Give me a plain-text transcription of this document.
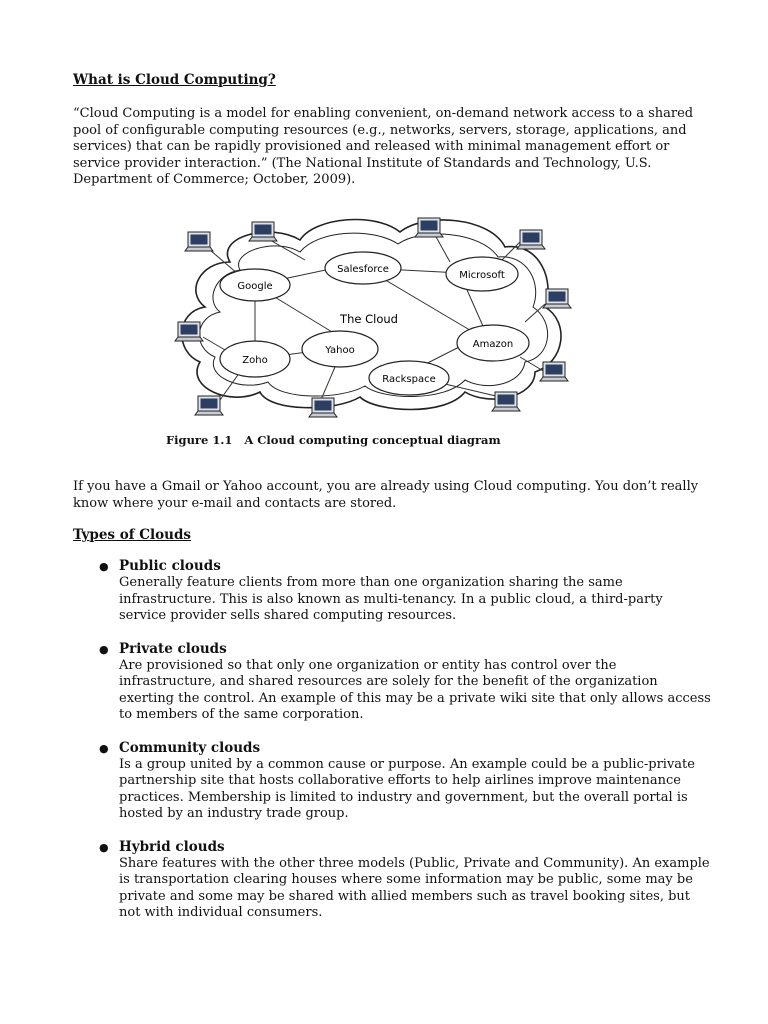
What is Cloud Computing?

“Cloud Computing is a model for enabling convenient, on-demand network access to a shared pool of configurable computing resources (e.g., networks, servers, storage, applications, and services) that can be rapidly provisioned and released with minimal management effort or service provider interaction.” (The National Institute of Standards and Technology, U.S. Department of Commerce; October, 2009).

Google
Salesforce
Microsoft
Zoho
Yahoo
Amazon
Rackspace
The Cloud

Figure 1.1   A Cloud computing conceptual diagram

If you have a Gmail or Yahoo account, you are already using Cloud computing. You don’t really know where your e-mail and contacts are stored.

Types of Clouds
● Public clouds

Generally feature clients from more than one organization sharing the same infrastructure. This is also known as multi-tenancy. In a public cloud, a third-party service provider sells shared computing resources.

● Private clouds

Are provisioned so that only one organization or entity has control over the infrastructure, and shared resources are solely for the benefit of the organization exerting the control. An example of this may be a private wiki site that only allows access to members of the same corporation.

● Community clouds

Is a group united by a common cause or purpose. An example could be a public-private partnership site that hosts collaborative efforts to help airlines improve maintenance practices. Membership is limited to industry and government, but the overall portal is hosted by an industry trade group.

● Hybrid clouds

Share features with the other three models (Public, Private and Community). An example is transportation clearing houses where some information may be public, some may be private and some may be shared with allied members such as travel booking sites, but not with individual consumers.
